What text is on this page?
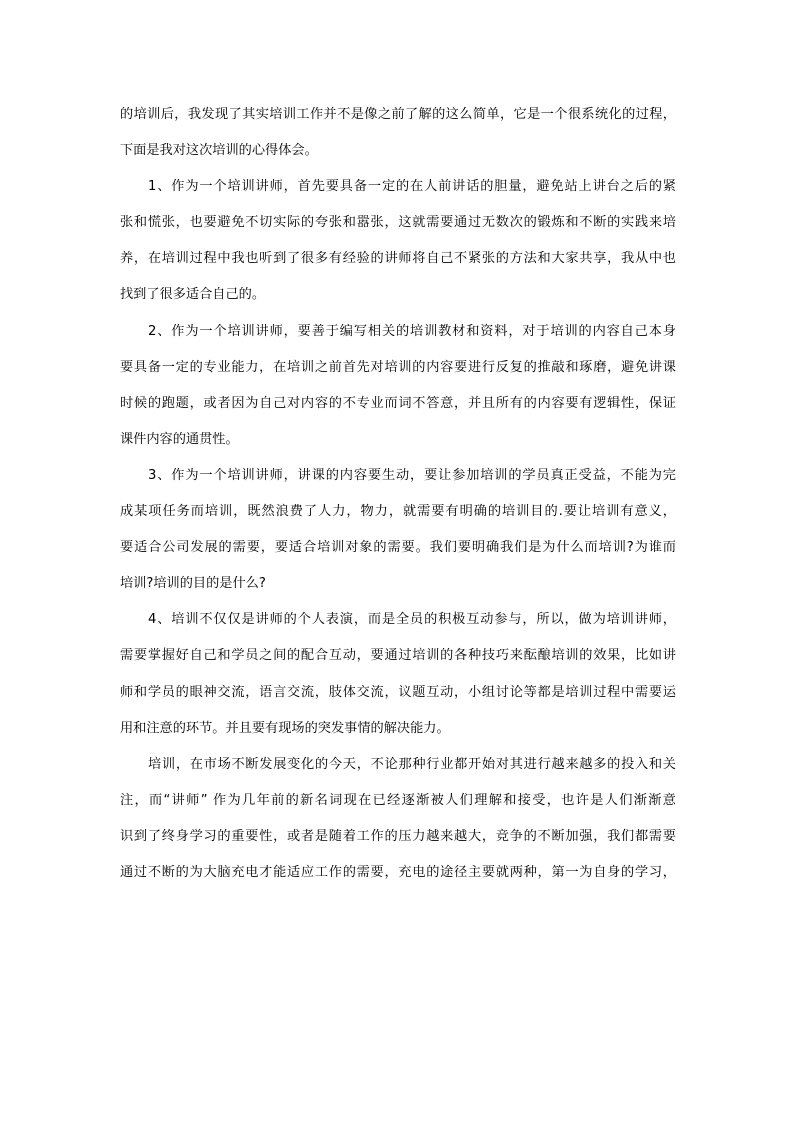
的培训后，我发现了其实培训工作并不是像之前了解的这么简单，它是一个很系统化的过程，
下面是我对这次培训的心得体会。
1、作为一个培训讲师，首先要具备一定的在人前讲话的胆量，避免站上讲台之后的紧
张和慌张，也要避免不切实际的夸张和嚣张，这就需要通过无数次的锻炼和不断的实践来培
养，在培训过程中我也听到了很多有经验的讲师将自己不紧张的方法和大家共享，我从中也
找到了很多适合自己的。
2、作为一个培训讲师，要善于编写相关的培训教材和资料，对于培训的内容自己本身
要具备一定的专业能力，在培训之前首先对培训的内容要进行反复的推敲和琢磨，避免讲课
时候的跑题，或者因为自己对内容的不专业而词不答意，并且所有的内容要有逻辑性，保证
课件内容的通贯性。
3、作为一个培训讲师，讲课的内容要生动，要让参加培训的学员真正受益，不能为完
成某项任务而培训，既然浪费了人力，物力，就需要有明确的培训目的.要让培训有意义，
要适合公司发展的需要，要适合培训对象的需要。我们要明确我们是为什么而培训?为谁而
培训?培训的目的是什么?
4、培训不仅仅是讲师的个人表演，而是全员的积极互动参与，所以，做为培训讲师，
需要掌握好自己和学员之间的配合互动，要通过培训的各种技巧来酝酿培训的效果，比如讲
师和学员的眼神交流，语言交流，肢体交流，议题互动，小组讨论等都是培训过程中需要运
用和注意的环节。并且要有现场的突发事情的解决能力。
培训，在市场不断发展变化的今天，不论那种行业都开始对其进行越来越多的投入和关
注，而“讲师” 作为几年前的新名词现在已经逐渐被人们理解和接受，也许是人们渐渐意
识到了终身学习的重要性，或者是随着工作的压力越来越大，竞争的不断加强，我们都需要
通过不断的为大脑充电才能适应工作的需要，充电的途径主要就两种，第一为自身的学习，
